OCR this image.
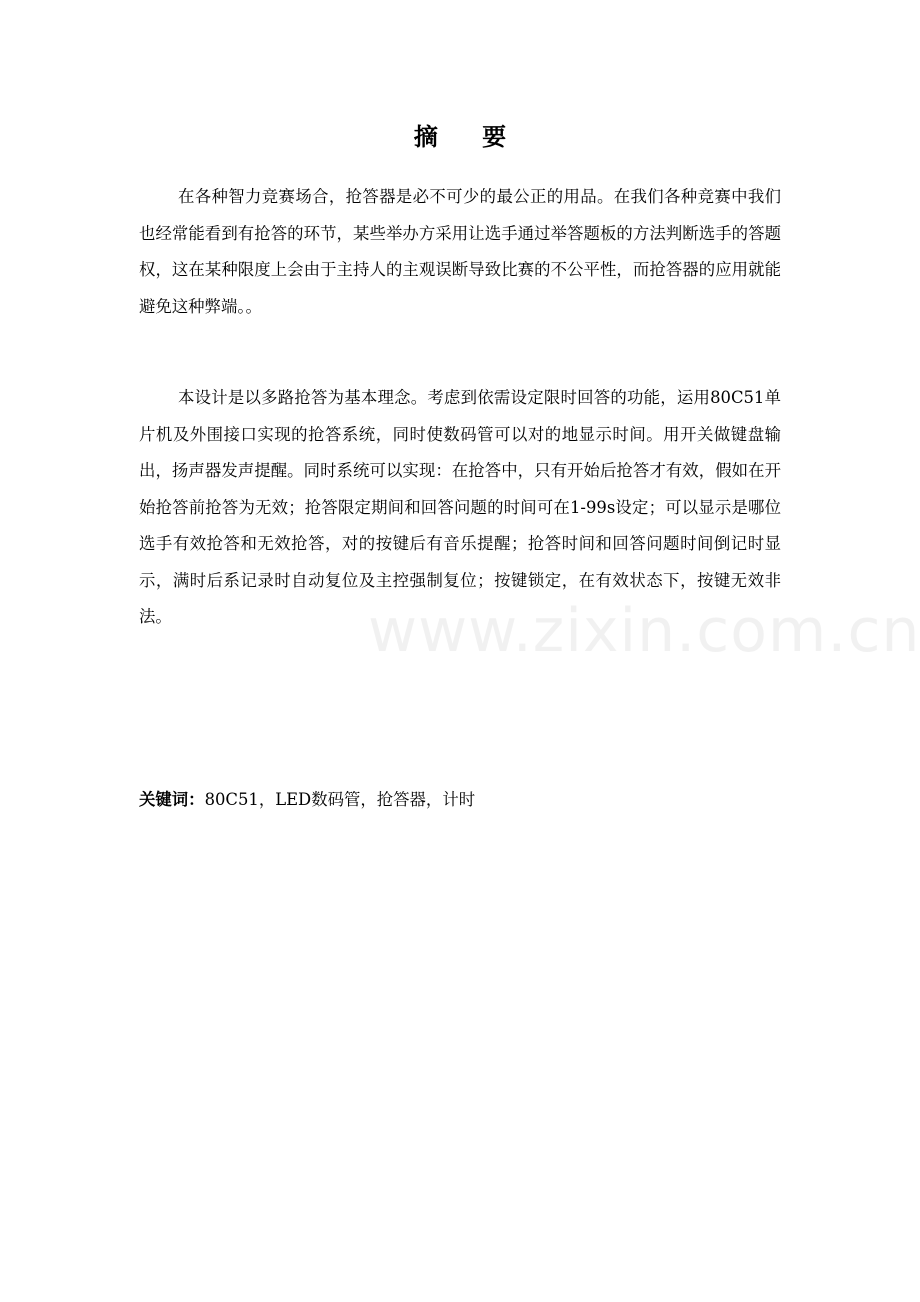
摘 要

在各种智力竞赛场合，抢答器是必不可少的最公正的用品。在我们各种竞赛中我们也经常能看到有抢答的环节，某些举办方采用让选手通过举答题板的方法判断选手的答题权，这在某种限度上会由于主持人的主观误断导致比赛的不公平性，而抢答器的应用就能避免这种弊端。。

本设计是以多路抢答为基本理念。考虑到依需设定限时回答的功能，运用80C51单片机及外围接口实现的抢答系统，同时使数码管可以对的地显示时间。用开关做键盘输出，扬声器发声提醒。同时系统可以实现：在抢答中，只有开始后抢答才有效，假如在开始抢答前抢答为无效；抢答限定期间和回答问题的时间可在1-99s设定；可以显示是哪位选手有效抢答和无效抢答，对的按键后有音乐提醒；抢答时间和回答问题时间倒记时显示，满时后系记录时自动复位及主控强制复位；按键锁定，在有效状态下，按键无效非法。

关键词：80C51，LED数码管，抢答器，计时
www.zixin.com.cn
